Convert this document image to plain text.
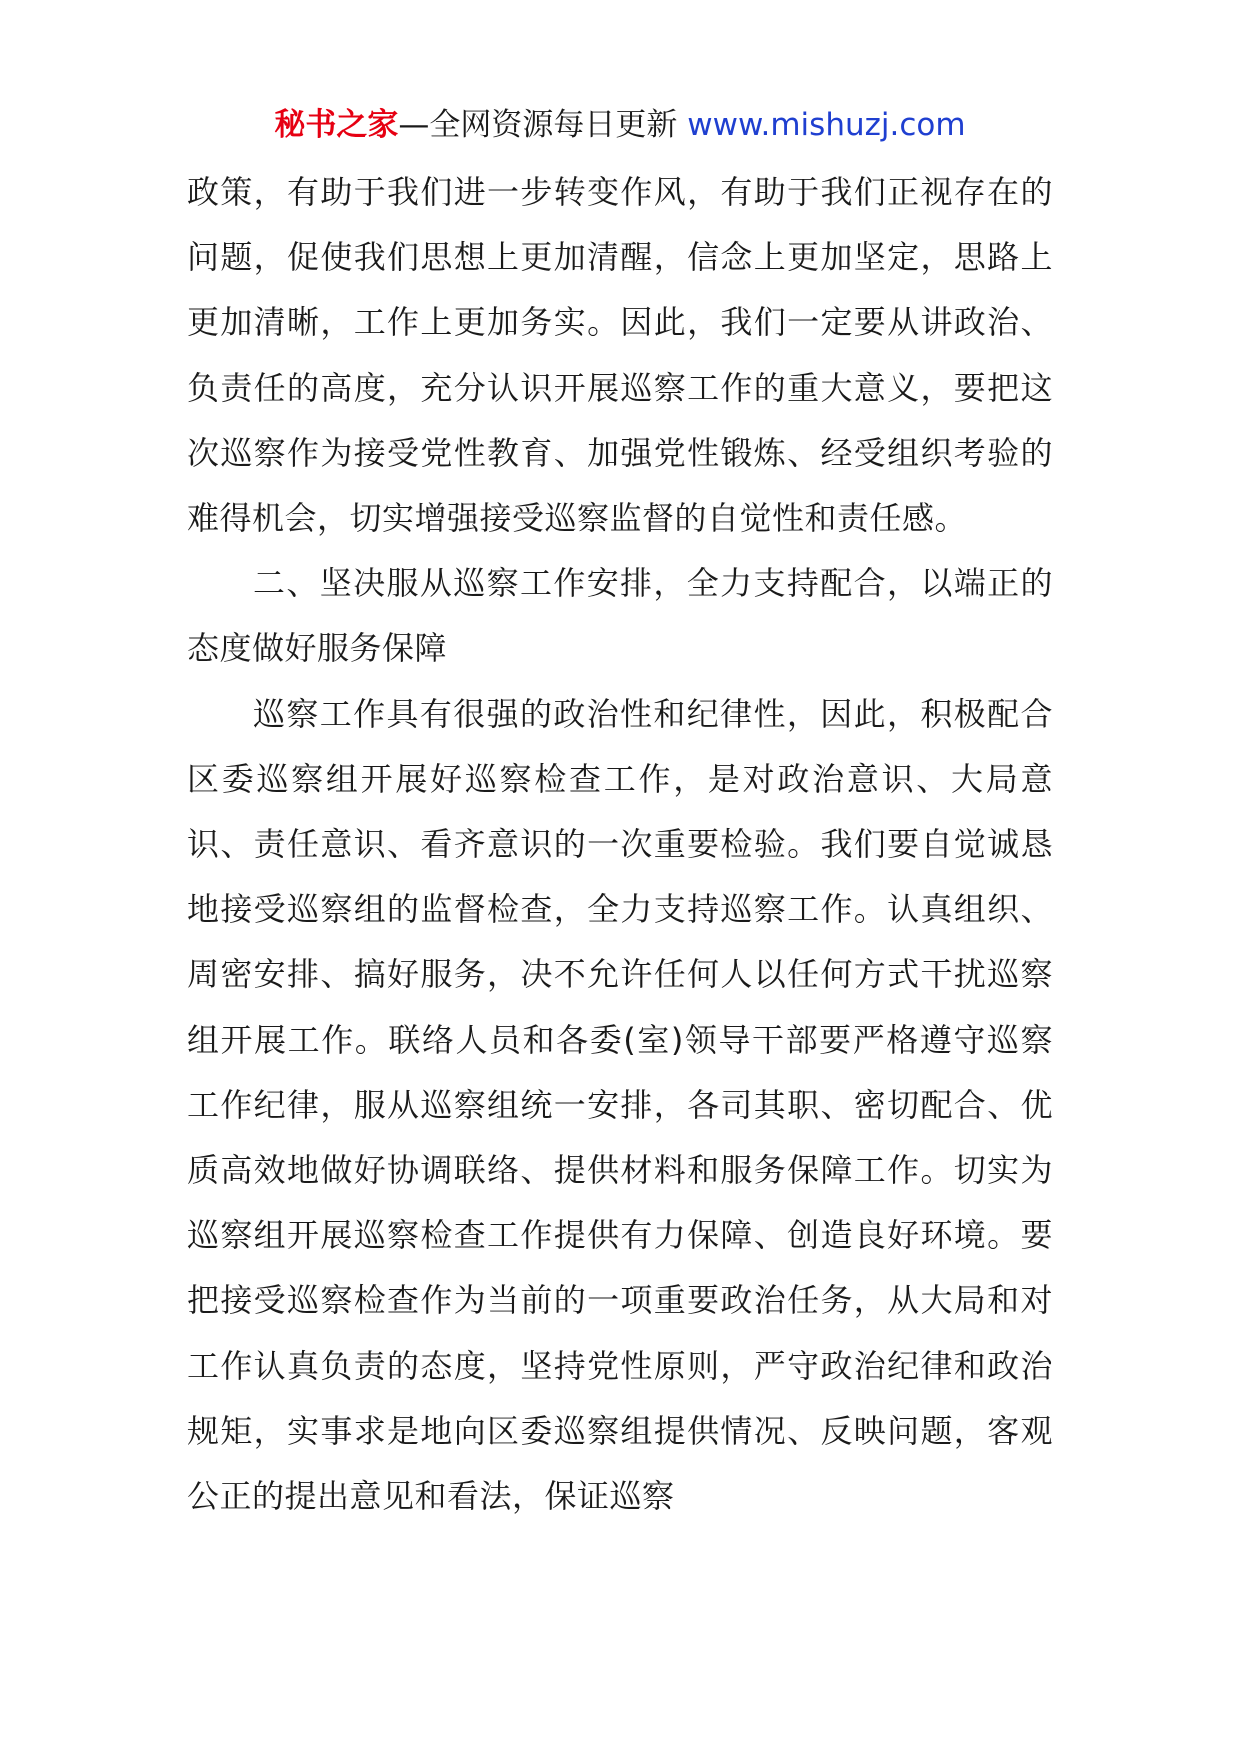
秘书之家—全网资源每日更新 www.mishuzj.com

政策，有助于我们进一步转变作风，有助于我们正视存在的问题，促使我们思想上更加清醒，信念上更加坚定，思路上更加清晰，工作上更加务实。因此，我们一定要从讲政治、负责任的高度，充分认识开展巡察工作的重大意义，要把这次巡察作为接受党性教育、加强党性锻炼、经受组织考验的难得机会，切实增强接受巡察监督的自觉性和责任感。

二、坚决服从巡察工作安排，全力支持配合，以端正的态度做好服务保障

巡察工作具有很强的政治性和纪律性，因此，积极配合区委巡察组开展好巡察检查工作，是对政治意识、大局意识、责任意识、看齐意识的一次重要检验。我们要自觉诚恳地接受巡察组的监督检查，全力支持巡察工作。认真组织、周密安排、搞好服务，决不允许任何人以任何方式干扰巡察组开展工作。联络人员和各委(室)领导干部要严格遵守巡察工作纪律，服从巡察组统一安排，各司其职、密切配合、优质高效地做好协调联络、提供材料和服务保障工作。切实为巡察组开展巡察检查工作提供有力保障、创造良好环境。要把接受巡察检查作为当前的一项重要政治任务，从大局和对工作认真负责的态度，坚持党性原则，严守政治纪律和政治规矩，实事求是地向区委巡察组提供情况、反映问题，客观公正的提出意见和看法，保证巡察
